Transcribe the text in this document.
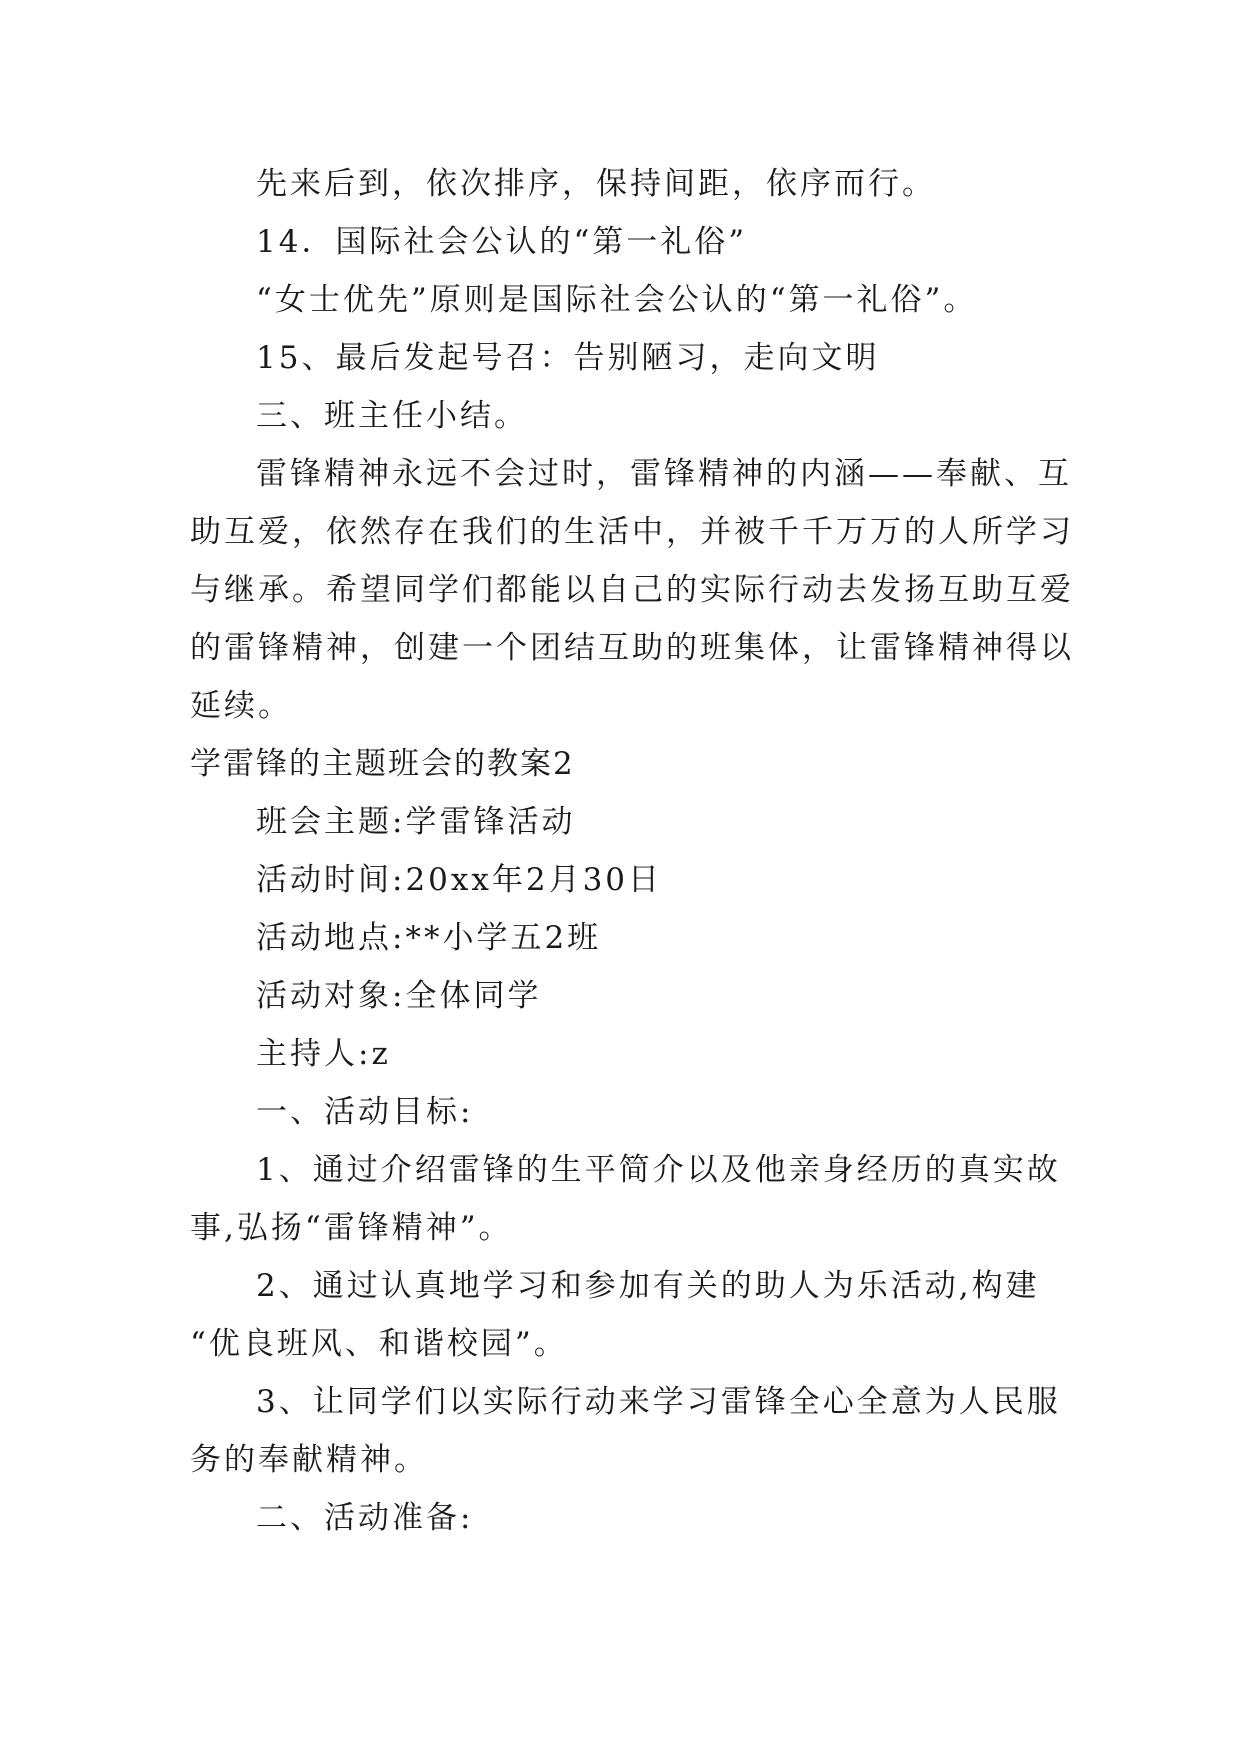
先来后到，依次排序，保持间距，依序而行。
14．国际社会公认的“第一礼俗”
“女士优先”原则是国际社会公认的“第一礼俗”。
15、最后发起号召：告别陋习，走向文明
三、班主任小结。
雷锋精神永远不会过时，雷锋精神的内涵——奉献、互
助互爱，依然存在我们的生活中，并被千千万万的人所学习
与继承。希望同学们都能以自己的实际行动去发扬互助互爱
的雷锋精神，创建一个团结互助的班集体，让雷锋精神得以
延续。
学雷锋的主题班会的教案2
班会主题:学雷锋活动
活动时间:20xx年2月30日
活动地点:**小学五2班
活动对象:全体同学
主持人:z
一、活动目标:
1、通过介绍雷锋的生平简介以及他亲身经历的真实故
事,弘扬“雷锋精神”。
2、通过认真地学习和参加有关的助人为乐活动,构建
“优良班风、和谐校园”。
3、让同学们以实际行动来学习雷锋全心全意为人民服
务的奉献精神。
二、活动准备:
